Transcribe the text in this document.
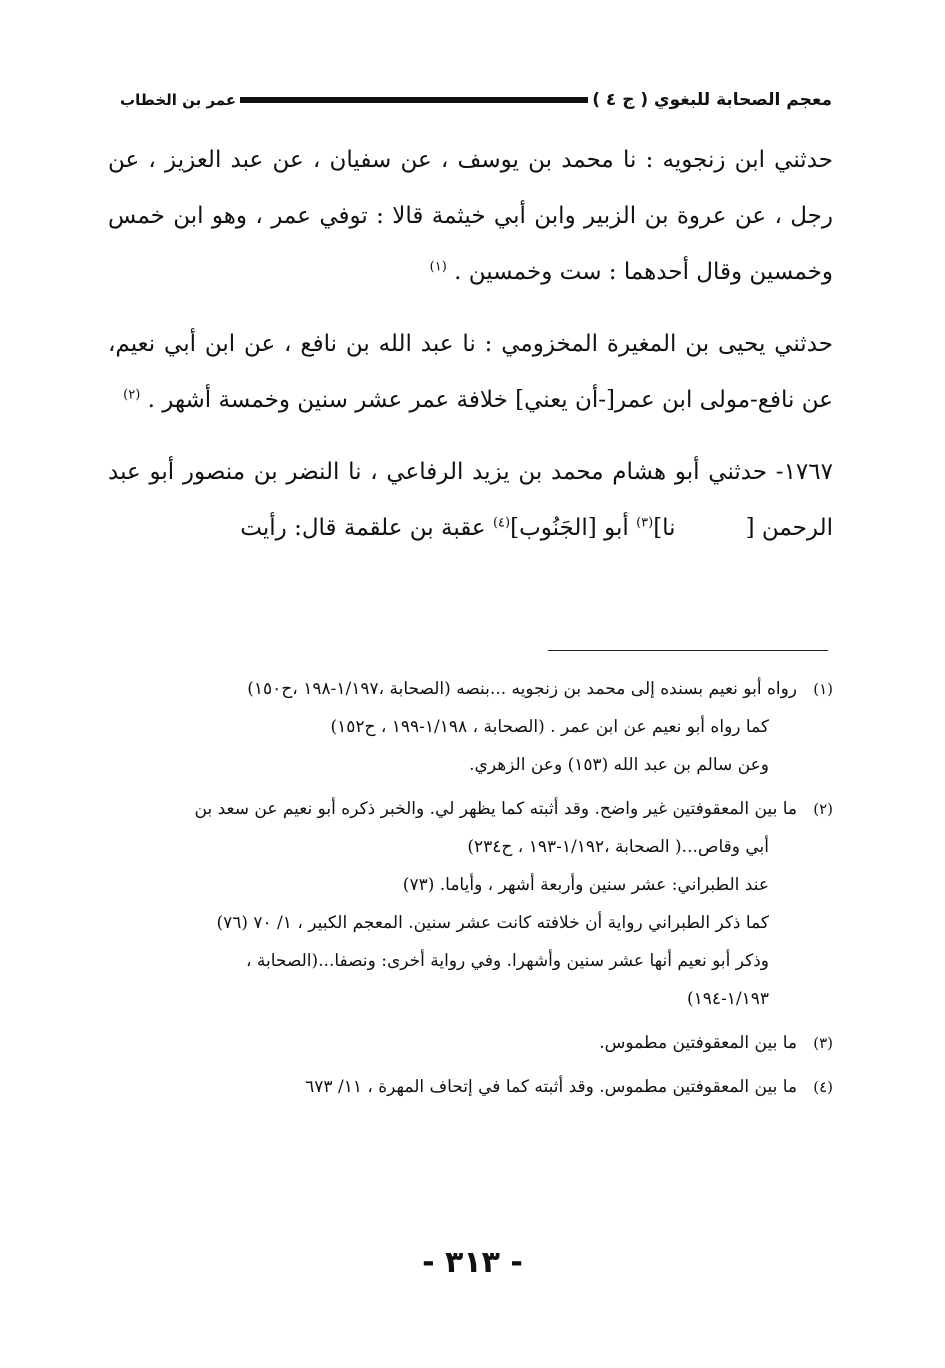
معجم الصحابة للبغوي ( ج ٤ )
عمر بن الخطاب

حدثني ابن زنجويه : نا محمد بن يوسف ، عن سفيان ، عن عبد العزيز ، عن رجل ، عن عروة بن الزبير وابن أبي خيثمة قالا : توفي عمر ، وهو ابن خمس وخمسين وقال أحدهما : ست وخمسين . $^{(١)}$

حدثني يحيى بن المغيرة المخزومي : نا عبد الله بن نافع ، عن ابن أبي نعيم، عن نافع-مولى ابن عمر[-أن يعني] خلافة عمر عشر سنين وخمسة أشهر . $^{(٢)}$

١٧٦٧- حدثني أبو هشام محمد بن يزيد الرفاعي ، نا النضر بن منصور أبو عبد الرحمن [نا]$^{(٣)}$ أبو [الجَنُوب]$^{(٤)}$ عقبة بن علقمة قال: رأيت

(١)
رواه أبو نعيم بسنده إلى محمد بن زنجويه ...بنصه (الصحابة ،١/١٩٧-١٩٨ ،ح١٥٠)
كما رواه أبو نعيم عن ابن عمر . (الصحابة ، ١/١٩٨-١٩٩ ، ح١٥٢)
وعن سالم بن عبد الله (١٥٣) وعن الزهري.
(٢)
ما بين المعقوفتين غير واضح. وقد أثبته كما يظهر لي. والخبر ذكره أبو نعيم عن سعد بن
أبي وقاص...( الصحابة ،١/١٩٢-١٩٣ ، ح٢٣٤)
عند الطبراني: عشر سنين وأربعة أشهر ، وأياما. (٧٣)
كما ذكر الطبراني رواية أن خلافته كانت عشر سنين. المعجم الكبير ، ١/ ٧٠ (٧٦)
وذكر أبو نعيم أنها عشر سنين وأشهرا. وفي رواية أخرى: ونصفا...(الصحابة ،
١/١٩٣-١٩٤)
(٣)
ما بين المعقوفتين مطموس.
(٤)
ما بين المعقوفتين مطموس. وقد أثبته كما في إتحاف المهرة ، ١١/ ٦٧٣
- ٣١٣ -
